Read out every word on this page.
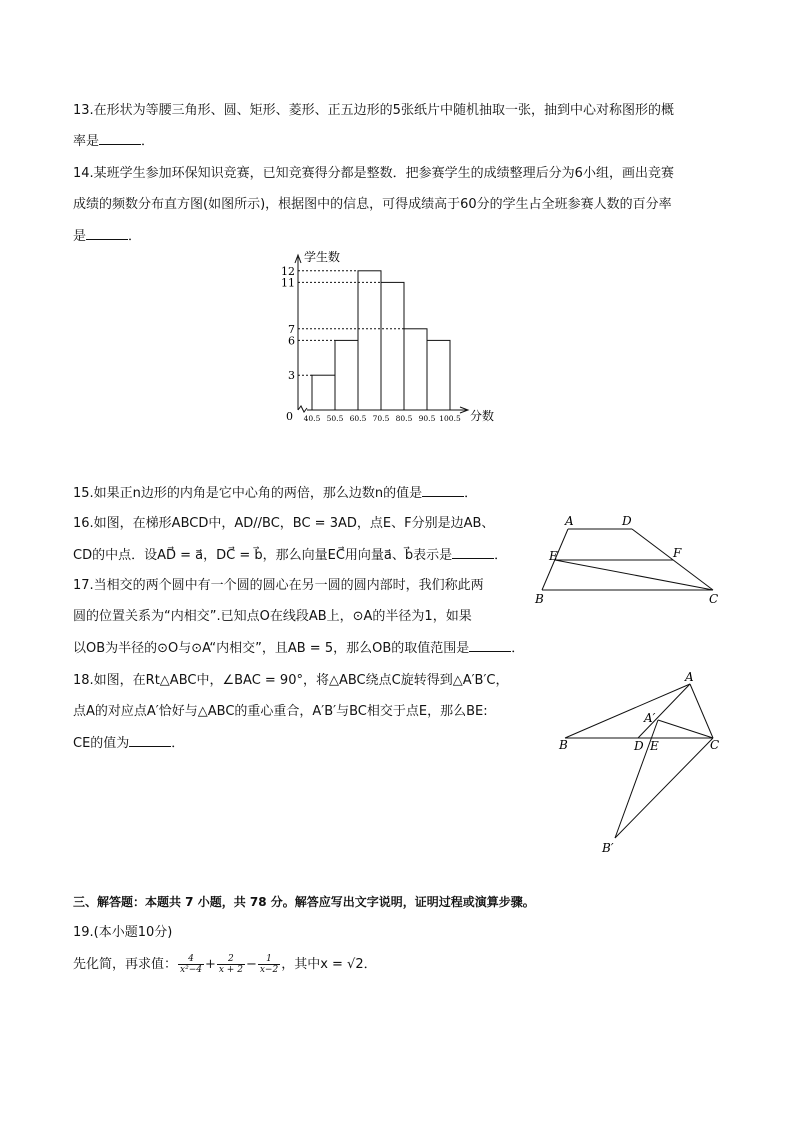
13.在形状为等腰三角形、圆、矩形、菱形、正五边形的5张纸片中随机抽取一张，抽到中心对称图形的概
率是	．
14.某班学生参加环保知识竞赛，已知竞赛得分都是整数．把参赛学生的成绩整理后分为6小组，画出竞赛
成绩的频数分布直方图(如图所示)，根据图中的信息，可得成绩高于60分的学生占全班参赛人数的百分率
是	．
3
6
7
11
12
40.5 50.5 60.5 70.5 80.5 90.5 100.5
0
学生数
分数
15.如果正n边形的内角是它中心角的两倍，那么边数n的值是	．
16.如图，在梯形ABCD中，AD//BC，BC = 3AD，点E、F分别是边AB、
CD的中点．设AD⃗ = a⃗，DC⃗ = b⃗，那么向量EC⃗用向量a⃗、b⃗表示是	．
A	D
E	F
B	C
17.当相交的两个圆中有一个圆的圆心在另一圆的圆内部时，我们称此两
圆的位置关系为“内相交”.已知点O在线段AB上，⊙A的半径为1，如果
以OB为半径的⊙O与⊙A“内相交”，且AB = 5，那么OB的取值范围是	．
18.如图，在Rt△ABC中，∠BAC = 90°，将△ABC绕点C旋转得到△A′B′C，
点A的对应点A′恰好与△ABC的重心重合，A′B′与BC相交于点E，那么BE:
CE的值为	．
A
A′
B	D E	C
B′
三、解答题：本题共 7 小题，共 78 分。解答应写出文字说明，证明过程或演算步骤。
19.(本小题10分)
先化简，再求值： $\frac{4}{\text{x²−4}} + \frac{2}{x + 2} - \frac{1}{x-2}$ ，其中x = √2．
